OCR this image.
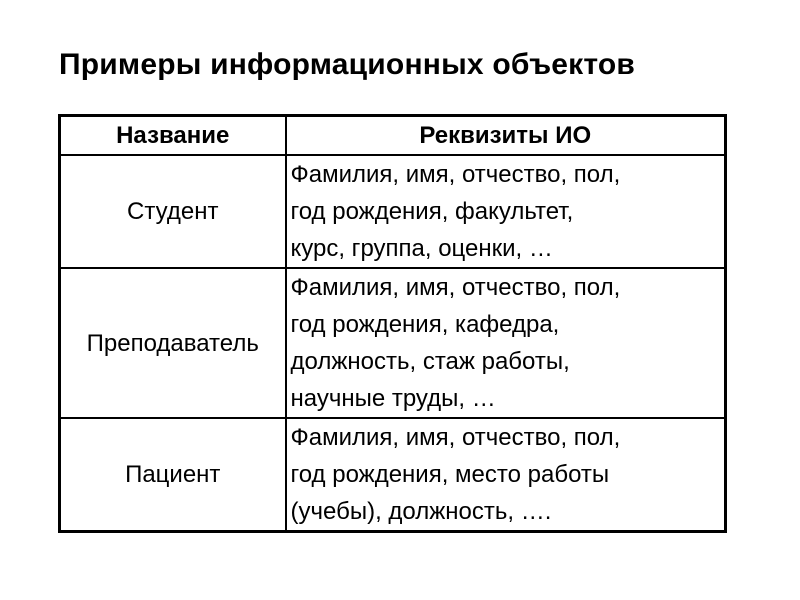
Примеры информационных объектов
Название	Реквизиты ИО
Студент	Фамилия, имя, отчество, пол,
год рождения, факультет,
курс, группа, оценки, …

Преподаватель	Фамилия, имя, отчество, пол,
год рождения, кафедра,
должность, стаж работы,
научные труды, …

Пациент	Фамилия, имя, отчество, пол,
год рождения, место работы
(учебы), должность, ….
